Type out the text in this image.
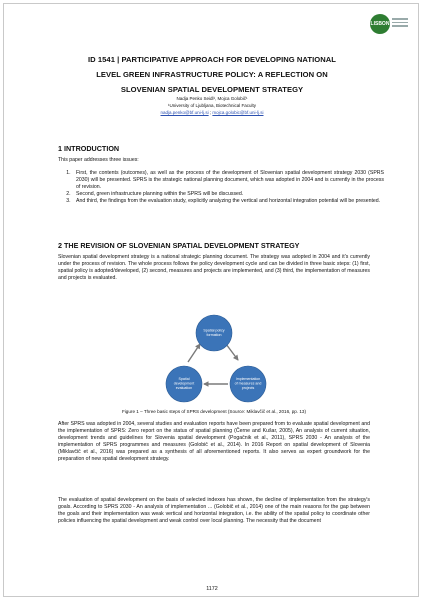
LISBON
ID 1541 | PARTICIPATIVE APPROACH FOR DEVELOPING NATIONAL
LEVEL GREEN INFRASTRUCTURE POLICY: A REFLECTION ON
SLOVENIAN SPATIAL DEVELOPMENT STRATEGY
Nadja Penko Seidl¹, Mojca Golobič¹
¹University of Ljubljana, Biotechnical Faculty
nadja.penko@bf.uni-lj.si ; mojca.golobic@bf.uni-lj.si
1 INTRODUCTION

This paper addresses three issues:

1. First, the contents (outcomes), as well as the process of the development of Slovenian spatial development strategy 2030 (SPRS 2030) will be presented. SPRS is the strategic national planning document, which was adopted in 2004 and is currently in the process of revision.
2. Second, green infrastructure planning within the SPRS will be discussed.
3. And third, the findings from the evaluation study, explicitly analyzing the vertical and horizontal integration potential will be presented.
2 THE REVISION OF SLOVENIAN SPATIAL DEVELOPMENT STRATEGY

Slovenian spatial development strategy is a national strategic planning document. The strategy was adopted in 2004 and it's currently under the process of revision. The whole process follows the policy development cycle and can be divided in three basic steps: (1) first, spatial policy is adopted/developed, (2) second, measures and projects are implemented, and (3) third, the implementation of measures and projects is evaluated.

Spatial policy
formation
Implementation
of measures and
projects
Spatial
development
evaluation
Figure 1 – Three basic steps of SPRS development (Source: Miklavčič et al., 2016, pp. 13)

After SPRS was adopted in 2004, several studies and evaluation reports have been prepared from to evaluate spatial development and the implementation of SPRS: Zero report on the status of spatial planning (Černe and Kušar, 2005), An analysis of current situation, development trends and guidelines for Slovenia spatial development (Pogačnik et al., 2011), SPRS 2030 - An analysis of the implementation of SPRS programmes and measures (Golobič et al., 2014). In 2016 Report on spatial development of Slovenia (Miklavčič et al., 2016) was prepared as a synthesis of all aforementioned reports. It also serves as expert groundwork for the preparation of new spatial development strategy.

The evaluation of spatial development on the basis of selected indexes has shown, the decline of implementation from the strategy's goals. According to SPRS 2030 - An analysis of implementation ... (Golobič et al., 2014) one of the main reasons for the gap between the goals and their implementation was weak vertical and horizontal integration, i.e. the ability of the spatial policy to coordinate other policies influencing the spatial development and weak control over local planning. The necessity that the document

1172
